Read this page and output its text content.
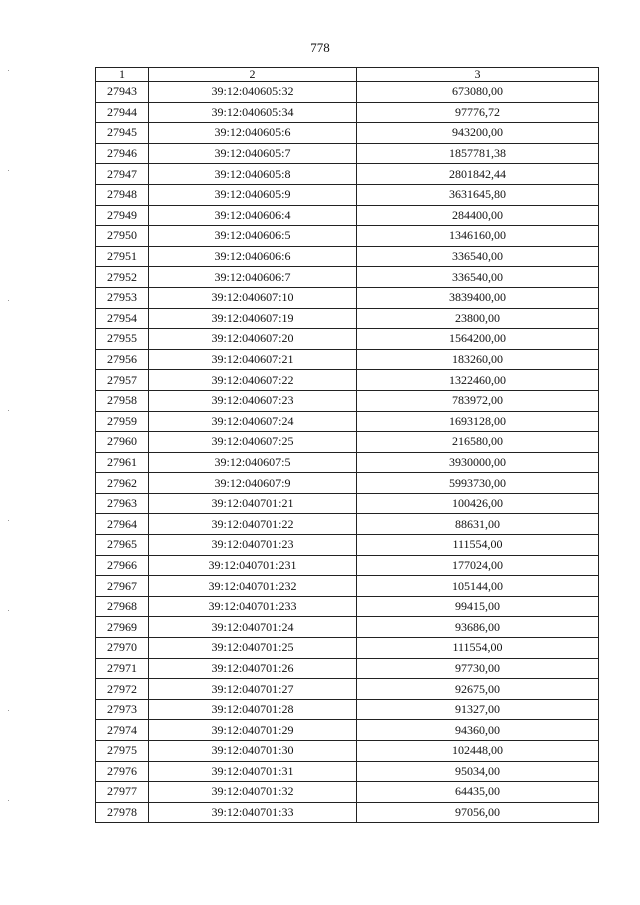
778
1	2	3
27943	39:12:040605:32	673080,00
27944	39:12:040605:34	97776,72
27945	39:12:040605:6	943200,00
27946	39:12:040605:7	1857781,38
27947	39:12:040605:8	2801842,44
27948	39:12:040605:9	3631645,80
27949	39:12:040606:4	284400,00
27950	39:12:040606:5	1346160,00
27951	39:12:040606:6	336540,00
27952	39:12:040606:7	336540,00
27953	39:12:040607:10	3839400,00
27954	39:12:040607:19	23800,00
27955	39:12:040607:20	1564200,00
27956	39:12:040607:21	183260,00
27957	39:12:040607:22	1322460,00
27958	39:12:040607:23	783972,00
27959	39:12:040607:24	1693128,00
27960	39:12:040607:25	216580,00
27961	39:12:040607:5	3930000,00
27962	39:12:040607:9	5993730,00
27963	39:12:040701:21	100426,00
27964	39:12:040701:22	88631,00
27965	39:12:040701:23	111554,00
27966	39:12:040701:231	177024,00
27967	39:12:040701:232	105144,00
27968	39:12:040701:233	99415,00
27969	39:12:040701:24	93686,00
27970	39:12:040701:25	111554,00
27971	39:12:040701:26	97730,00
27972	39:12:040701:27	92675,00
27973	39:12:040701:28	91327,00
27974	39:12:040701:29	94360,00
27975	39:12:040701:30	102448,00
27976	39:12:040701:31	95034,00
27977	39:12:040701:32	64435,00
27978	39:12:040701:33	97056,00
